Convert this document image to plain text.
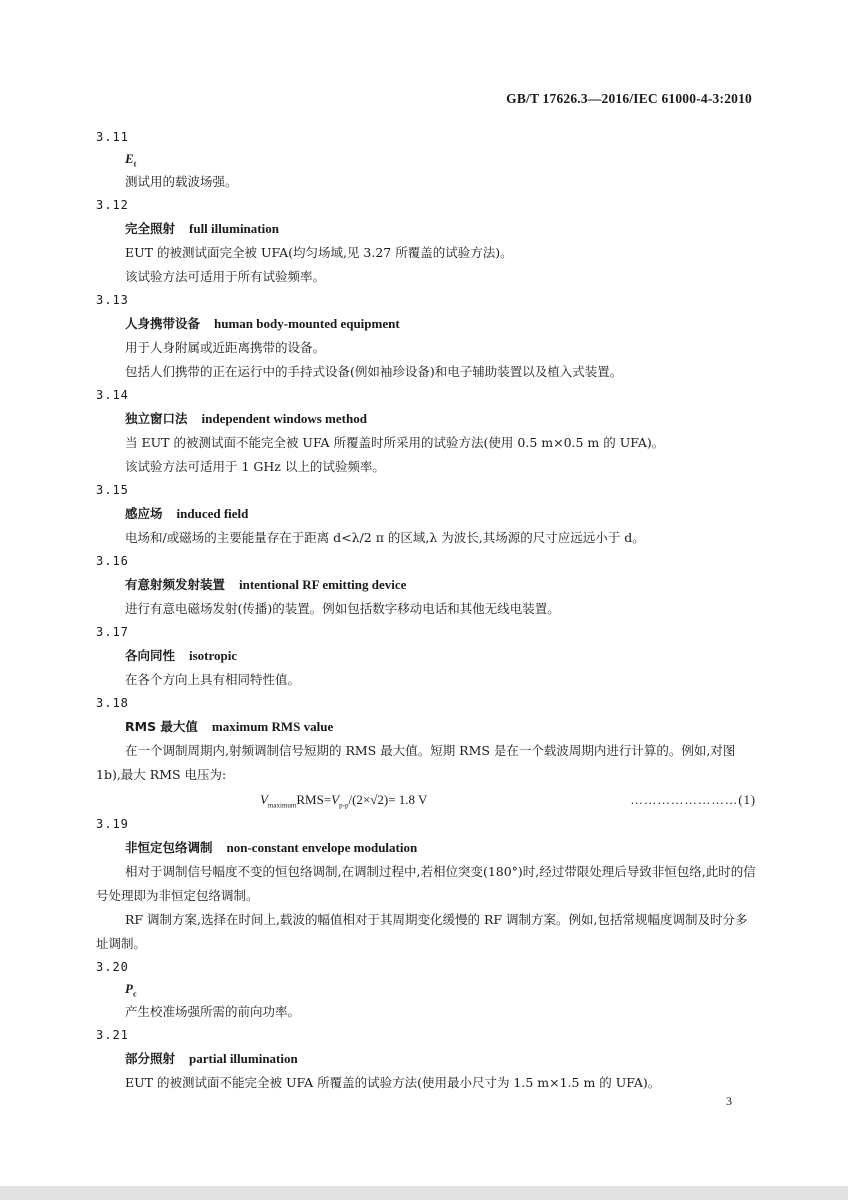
GB/T 17626.3—2016/IEC 61000-4-3:2010
3.11
$E_t$
测试用的载波场强。
3.12
完全照射 full illumination
EUT 的被测试面完全被 UFA(均匀场域,见 3.27 所覆盖的试验方法)。
该试验方法可适用于所有试验频率。
3.13
人身携带设备 human body-mounted equipment
用于人身附属或近距离携带的设备。
包括人们携带的正在运行中的手持式设备(例如袖珍设备)和电子辅助装置以及植入式装置。
3.14
独立窗口法 independent windows method
当 EUT 的被测试面不能完全被 UFA 所覆盖时所采用的试验方法(使用 0.5 m×0.5 m 的 UFA)。
该试验方法可适用于 1 GHz 以上的试验频率。
3.15
感应场 induced field
电场和/或磁场的主要能量存在于距离 d<λ/2 π 的区域,λ 为波长,其场源的尺寸应远远小于 d。
3.16
有意射频发射装置 intentional RF emitting device
进行有意电磁场发射(传播)的装置。例如包括数字移动电话和其他无线电装置。
3.17
各向同性 isotropic
在各个方向上具有相同特性值。
3.18
RMS 最大值 maximum RMS value
在一个调制周期内,射频调制信号短期的 RMS 最大值。短期 RMS 是在一个载波周期内进行计算的。例如,对图 1b),最大 RMS 电压为:
$V_{maximum}RMS=V_{p-p}/(2\times√2)= 1.8$ V	……………………(1)
3.19
非恒定包络调制 non-constant envelope modulation
相对于调制信号幅度不变的恒包络调制,在调制过程中,若相位突变(180°)时,经过带限处理后导致非恒包络,此时的信号处理即为非恒定包络调制。
RF 调制方案,选择在时间上,载波的幅值相对于其周期变化缓慢的 RF 调制方案。例如,包括常规幅度调制及时分多址调制。
3.20
$P_c$
产生校准场强所需的前向功率。
3.21
部分照射 partial illumination
EUT 的被测试面不能完全被 UFA 所覆盖的试验方法(使用最小尺寸为 1.5 m×1.5 m 的 UFA)。
3
